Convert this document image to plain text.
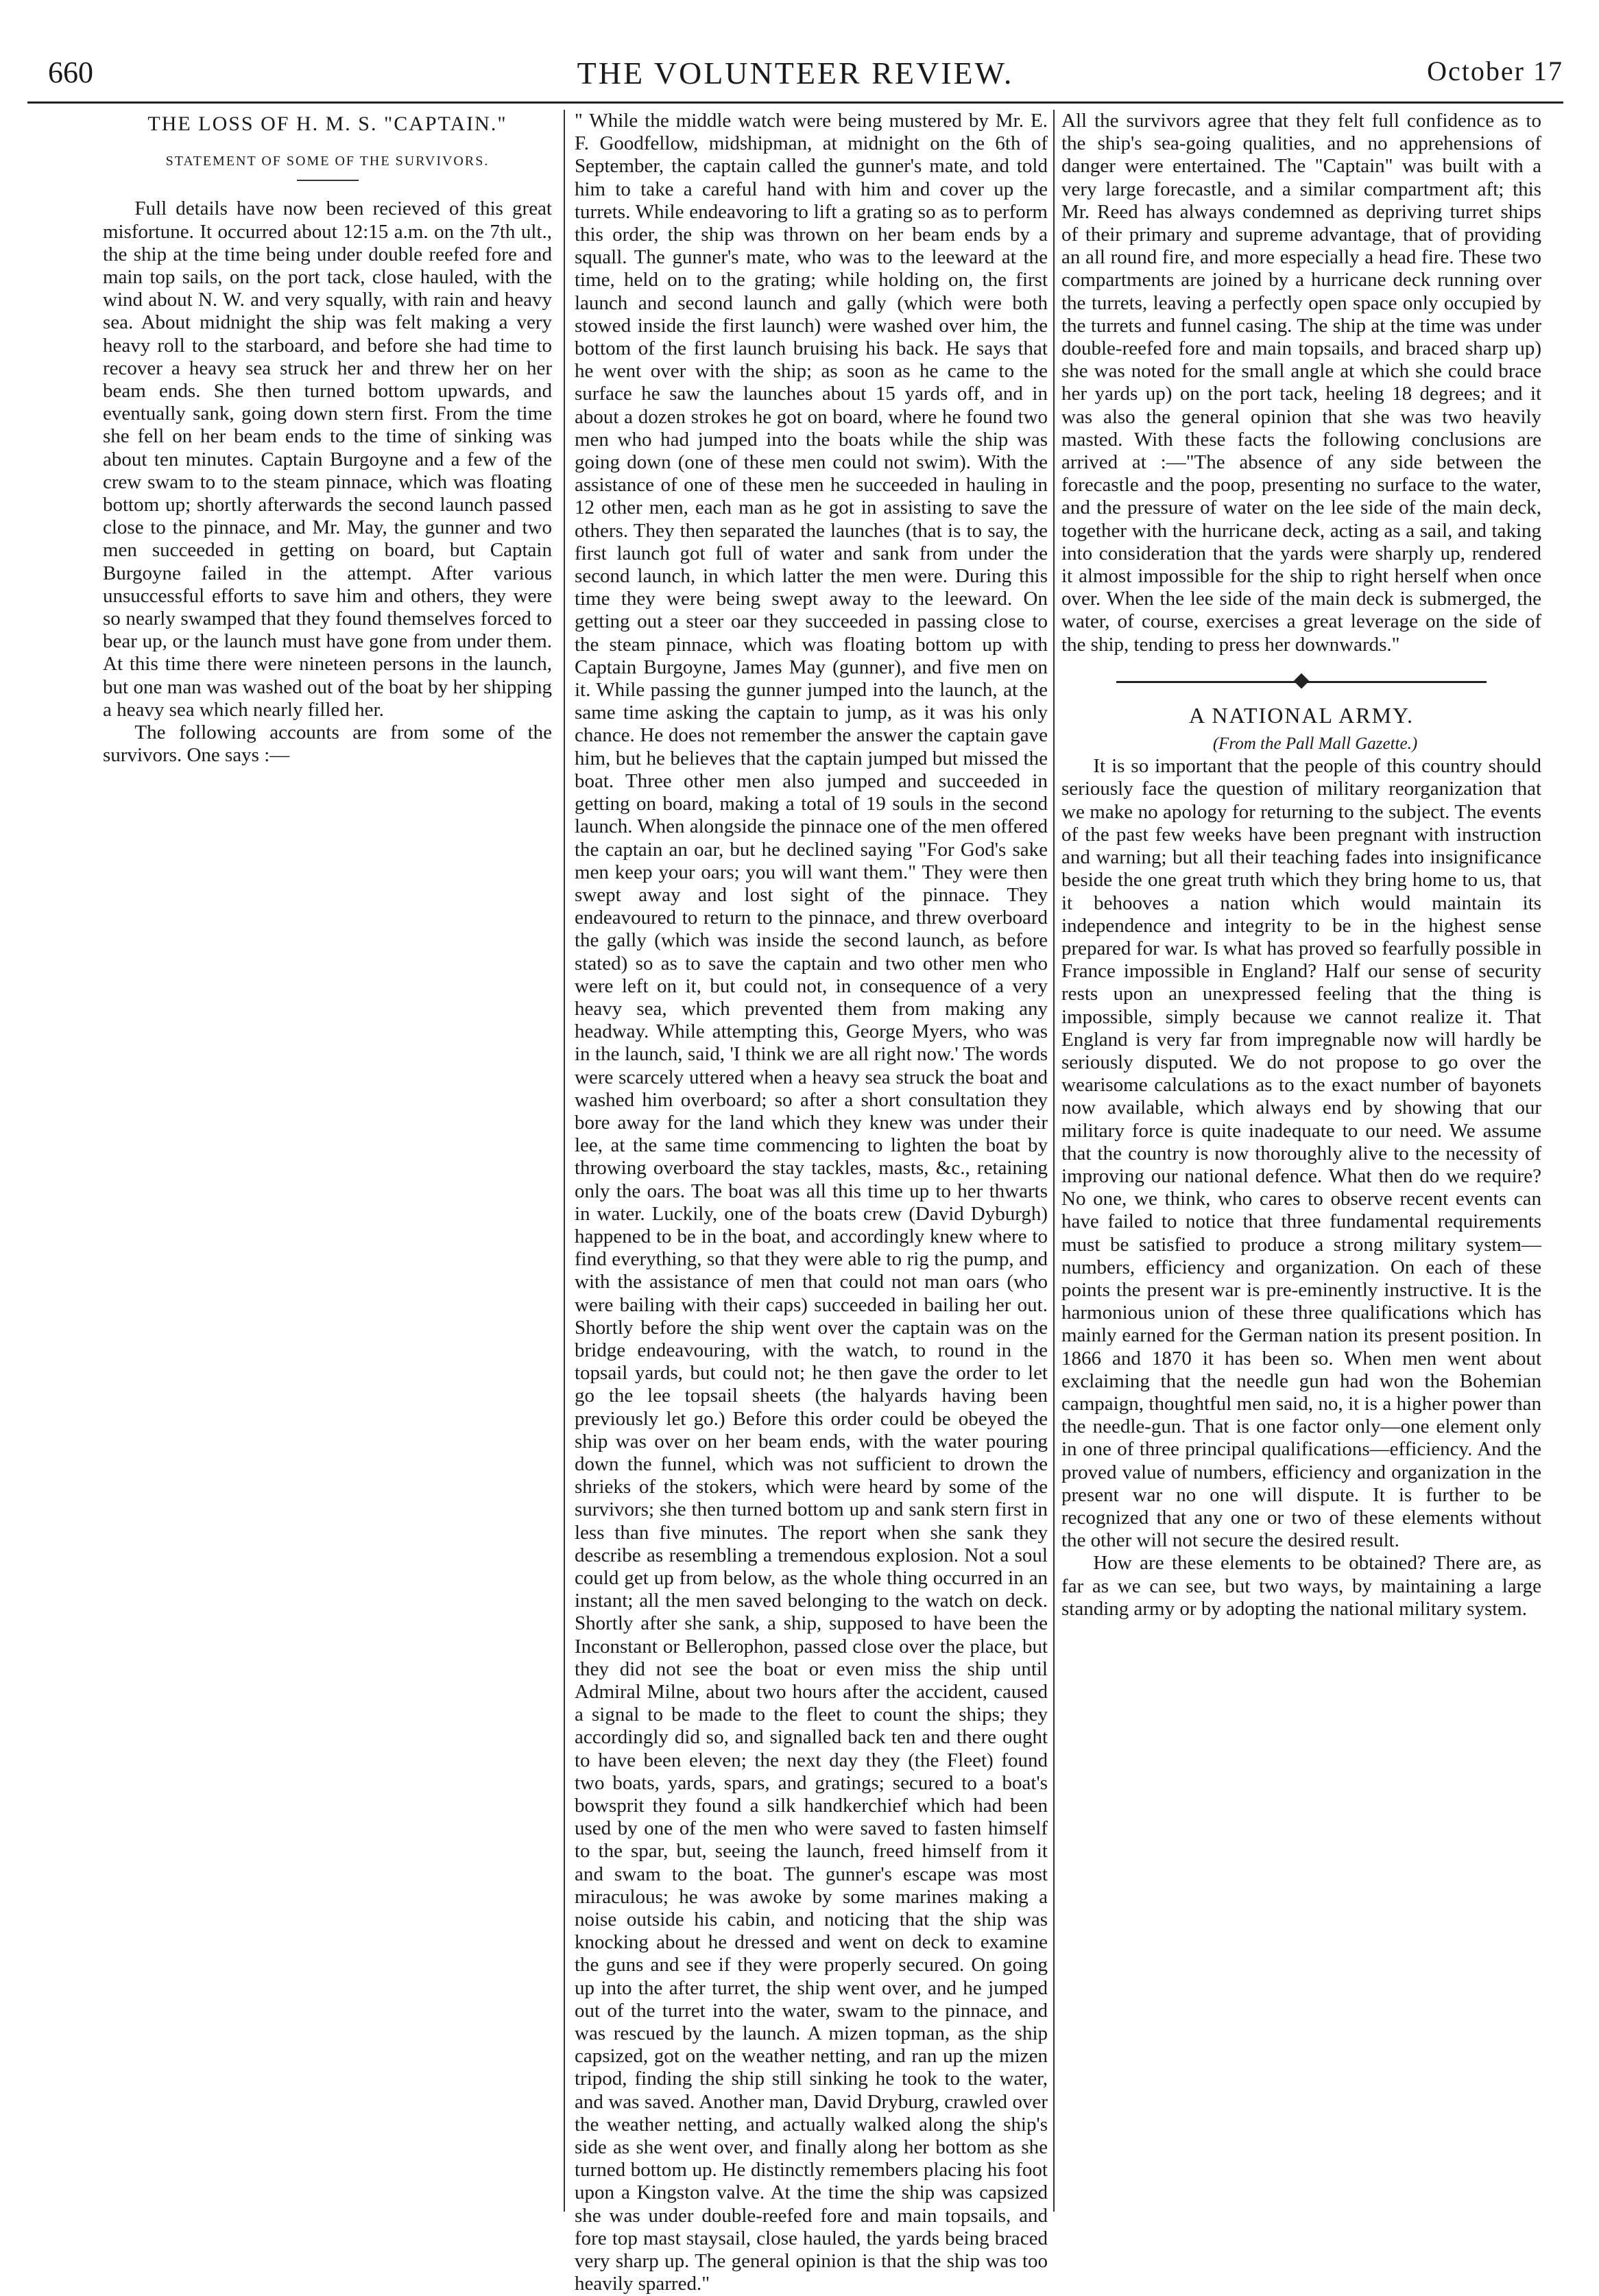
660	THE VOLUNTEER REVIEW.	October 17
THE LOSS OF H. M. S. "CAPTAIN."
STATEMENT OF SOME OF THE SURVIVORS.

Full details have now been recieved of this great misfortune. It occurred about 12:15 a.m. on the 7th ult., the ship at the time being under double reefed fore and main top sails, on the port tack, close hauled, with the wind about N. W. and very squally, with rain and heavy sea. About midnight the ship was felt making a very heavy roll to the starboard, and before she had time to recover a heavy sea struck her and threw her on her beam ends. She then turned bottom upwards, and eventually sank, going down stern first. From the time she fell on her beam ends to the time of sinking was about ten minutes. Captain Burgoyne and a few of the crew swam to to the steam pinnace, which was floating bottom up; shortly afterwards the second launch passed close to the pinnace, and Mr. May, the gunner and two men succeeded in getting on board, but Captain Burgoyne failed in the attempt. After various unsuccessful efforts to save him and others, they were so nearly swamped that they found themselves forced to bear up, or the launch must have gone from under them. At this time there were nineteen persons in the launch, but one man was washed out of the boat by her shipping a heavy sea which nearly filled her.

The following accounts are from some of the survivors. One says :—

" While the middle watch were being mustered by Mr. E. F. Goodfellow, midshipman, at midnight on the 6th of September, the captain called the gunner's mate, and told him to take a careful hand with him and cover up the turrets. While endeavoring to lift a grating so as to perform this order, the ship was thrown on her beam ends by a squall. The gunner's mate, who was to the leeward at the time, held on to the grating; while holding on, the first launch and second launch and gally (which were both stowed inside the first launch) were washed over him, the bottom of the first launch bruising his back. He says that he went over with the ship; as soon as he came to the surface he saw the launches about 15 yards off, and in about a dozen strokes he got on board, where he found two men who had jumped into the boats while the ship was going down (one of these men could not swim). With the assistance of one of these men he succeeded in hauling in 12 other men, each man as he got in assisting to save the others. They then separated the launches (that is to say, the first launch got full of water and sank from under the second launch, in which latter the men were. During this time they were being swept away to the leeward. On getting out a steer oar they succeeded in passing close to the steam pinnace, which was floating bottom up with Captain Burgoyne, James May (gunner), and five men on it. While passing the gunner jumped into the launch, at the same time asking the captain to jump, as it was his only chance. He does not remember the answer the captain gave him, but he believes that the captain jumped but missed the boat. Three other men also jumped and succeeded in getting on board, making a total of 19 souls in the second launch. When alongside the pinnace one of the men offered the captain an oar, but he declined saying "For God's sake men keep your oars; you will want them." They were then swept away and lost sight of the pinnace. They endeavoured to return to the pinnace, and threw overboard the gally (which was inside the second launch, as before stated) so as to save the captain and two other men who were left on it, but could not, in consequence of a very heavy sea, which prevented them from making any headway. While attempting this, George Myers, who was in the launch, said, 'I think we are all right now.' The words were scarcely uttered when a heavy sea struck the boat and washed him overboard; so after a short consultation they bore away for the land which they knew was under their lee, at the same time commencing to lighten the boat by throwing overboard the stay tackles, masts, &c., retaining only the oars. The boat was all this time up to her thwarts in water. Luckily, one of the boats crew (David Dyburgh) happened to be in the boat, and accordingly knew where to find everything, so that they were able to rig the pump, and with the assistance of men that could not man oars (who were bailing with their caps) succeeded in bailing her out. Shortly before the ship went over the captain was on the bridge endeavouring, with the watch, to round in the topsail yards, but could not; he then gave the order to let go the lee topsail sheets (the halyards having been previously let go.) Before this order could be obeyed the ship was over on her beam ends, with the water pouring down the funnel, which was not sufficient to drown the shrieks of the stokers, which were heard by some of the survivors; she then turned bottom up and sank stern first in less than five minutes. The report when she sank they describe as resembling a tremendous explosion. Not a soul could get up from below, as the whole thing occurred in an instant; all the men saved belonging to the watch on deck. Shortly after she sank, a ship, supposed to have been the Inconstant or Bellerophon, passed close over the place, but they did not see the boat or even miss the ship until Admiral Milne, about two hours after the accident, caused a signal to be made to the fleet to count the ships; they accordingly did so, and signalled back ten and there ought to have been eleven; the next day they (the Fleet) found two boats, yards, spars, and gratings; secured to a boat's bowsprit they found a silk handkerchief which had been used by one of the men who were saved to fasten himself to the spar, but, seeing the launch, freed himself from it and swam to the boat. The gunner's escape was most miraculous; he was awoke by some marines making a noise outside his cabin, and noticing that the ship was knocking about he dressed and went on deck to examine the guns and see if they were properly secured. On going up into the after turret, the ship went over, and he jumped out of the turret into the water, swam to the pinnace, and was rescued by the launch. A mizen topman, as the ship capsized, got on the weather netting, and ran up the mizen tripod, finding the ship still sinking he took to the water, and was saved. Another man, David Dryburg, crawled over the weather netting, and actually walked along the ship's side as she went over, and finally along her bottom as she turned bottom up. He distinctly remembers placing his foot upon a Kingston valve. At the time the ship was capsized she was under double-reefed fore and main topsails, and fore top mast staysail, close hauled, the yards being braced very sharp up. The general opinion is that the ship was too heavily sparred."

All the survivors agree that they felt full confidence as to the ship's sea-going qualities, and no apprehensions of danger were entertained. The "Captain" was built with a very large forecastle, and a similar compartment aft; this Mr. Reed has always condemned as depriving turret ships of their primary and supreme advantage, that of providing an all round fire, and more especially a head fire. These two compartments are joined by a hurricane deck running over the turrets, leaving a perfectly open space only occupied by the turrets and funnel casing. The ship at the time was under double-reefed fore and main topsails, and braced sharp up) she was noted for the small angle at which she could brace her yards up) on the port tack, heeling 18 degrees; and it was also the general opinion that she was two heavily masted. With these facts the following conclusions are arrived at :—"The absence of any side between the forecastle and the poop, presenting no surface to the water, and the pressure of water on the lee side of the main deck, together with the hurricane deck, acting as a sail, and taking into consideration that the yards were sharply up, rendered it almost impossible for the ship to right herself when once over. When the lee side of the main deck is submerged, the water, of course, exercises a great leverage on the side of the ship, tending to press her downwards."

A NATIONAL ARMY.

(From the Pall Mall Gazette.)

It is so important that the people of this country should seriously face the question of military reorganization that we make no apology for returning to the subject. The events of the past few weeks have been pregnant with instruction and warning; but all their teaching fades into insignificance beside the one great truth which they bring home to us, that it behooves a nation which would maintain its independence and integrity to be in the highest sense prepared for war. Is what has proved so fearfully possible in France impossible in England? Half our sense of security rests upon an unexpressed feeling that the thing is impossible, simply because we cannot realize it. That England is very far from impregnable now will hardly be seriously disputed. We do not propose to go over the wearisome calculations as to the exact number of bayonets now available, which always end by showing that our military force is quite inadequate to our need. We assume that the country is now thoroughly alive to the necessity of improving our national defence. What then do we require? No one, we think, who cares to observe recent events can have failed to notice that three fundamental requirements must be satisfied to produce a strong military system—numbers, efficiency and organization. On each of these points the present war is pre-eminently instructive. It is the harmonious union of these three qualifications which has mainly earned for the German nation its present position. In 1866 and 1870 it has been so. When men went about exclaiming that the needle gun had won the Bohemian campaign, thoughtful men said, no, it is a higher power than the needle-gun. That is one factor only—one element only in one of three principal qualifications—efficiency. And the proved value of numbers, efficiency and organization in the present war no one will dispute. It is further to be recognized that any one or two of these elements without the other will not secure the desired result.

How are these elements to be obtained? There are, as far as we can see, but two ways, by maintaining a large standing army or by adopting the national military system.
